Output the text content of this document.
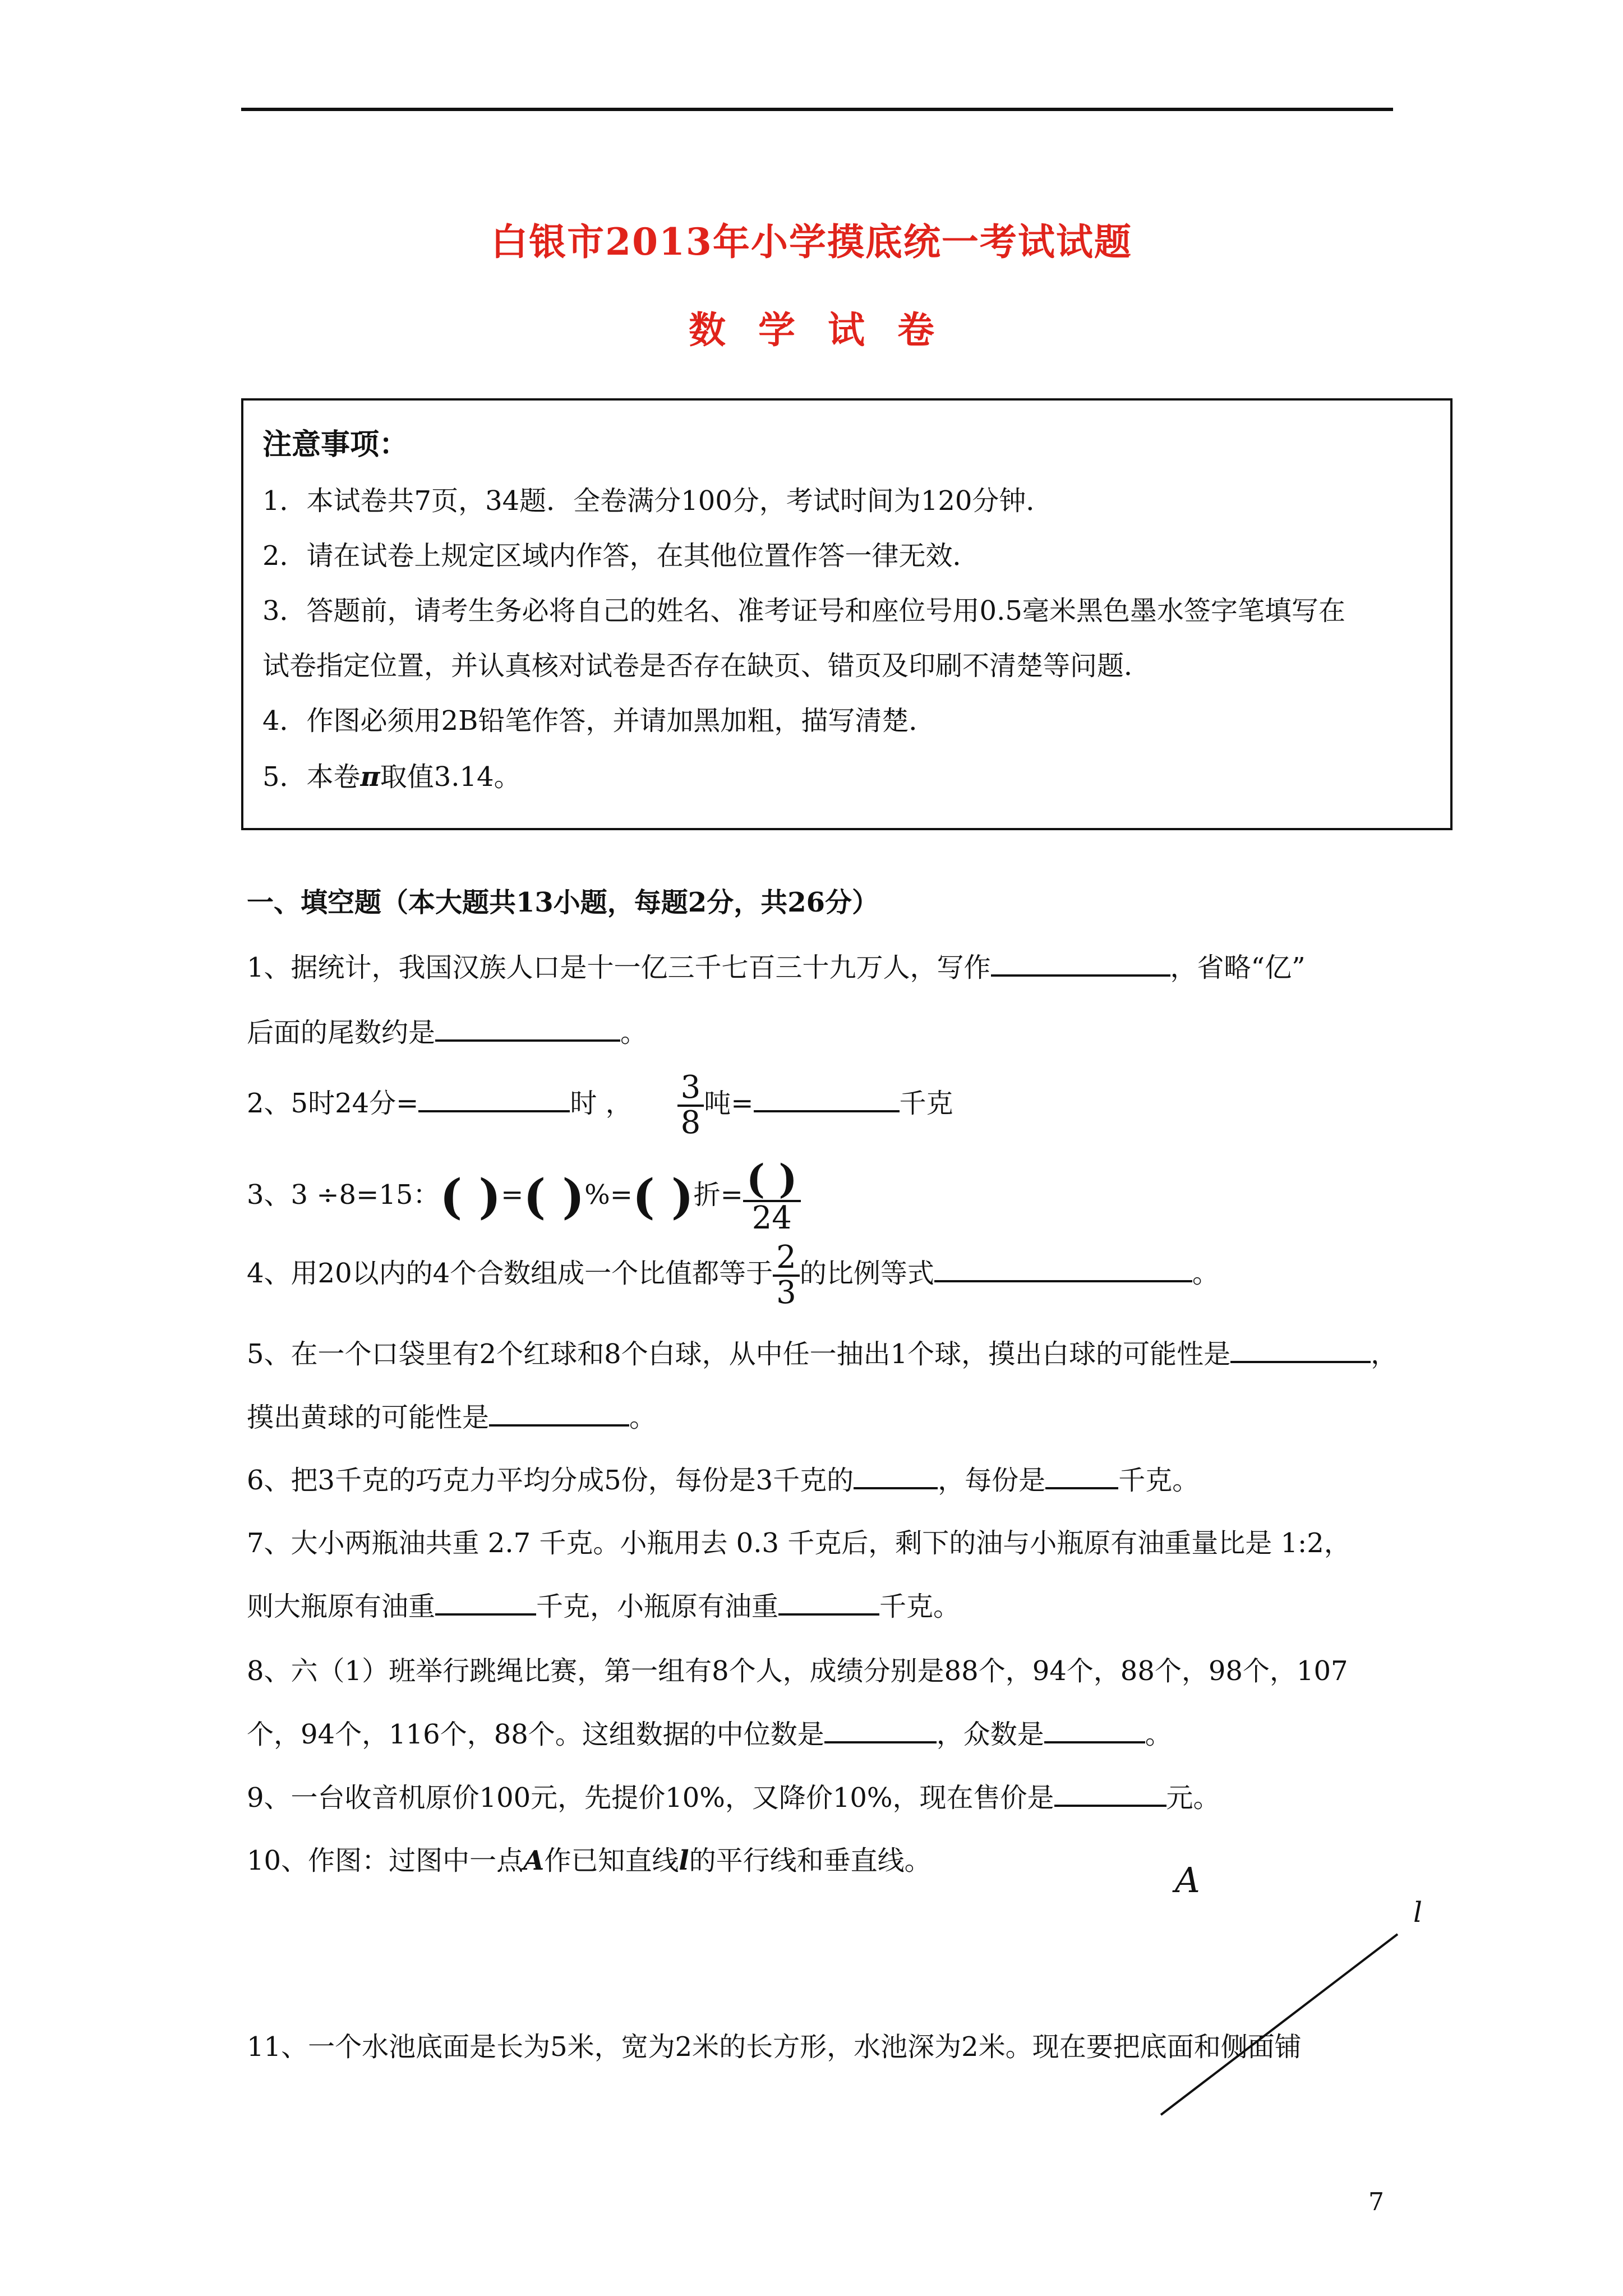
白银市2013年小学摸底统一考试试题
数学试卷
注意事项：
1．本试卷共7页，34题．全卷满分100分，考试时间为120分钟．
2．请在试卷上规定区域内作答，在其他位置作答一律无效．
3．答题前，请考生务必将自己的姓名、准考证号和座位号用0.5毫米黑色墨水签字笔填写在
试卷指定位置，并认真核对试卷是否存在缺页、错页及印刷不清楚等问题．
4．作图必须用2B铅笔作答，并请加黑加粗，描写清楚．
5．本卷π取值3.14。
一、填空题（本大题共13小题，每题2分，共26分）
1、据统计，我国汉族人口是十一亿三千七百三十九万人，写作	，省略“亿”
后面的尾数约是	。
2、5时24分=	时 ， $\frac{3}{8}$ 吨=	千克
3、3 ÷8=15：( )=( )%=( )折= $\frac{( )}{24}$
4、用20以内的4个合数组成一个比值都等于 $\frac{2}{3}$ 的比例等式	。
5、在一个口袋里有2个红球和8个白球，从中任一抽出1个球，摸出白球的可能性是	，
摸出黄球的可能性是	。
6、把3千克的巧克力平均分成5份，每份是3千克的	，每份是	千克。
7、大小两瓶油共重 2.7 千克。小瓶用去 0.3 千克后，剩下的油与小瓶原有油重量比是 1:2，
则大瓶原有油重	千克，小瓶原有油重	千克。
8、六（1）班举行跳绳比赛，第一组有8个人，成绩分别是88个，94个，88个，98个，107
个，94个，116个，88个。这组数据的中位数是	，众数是	。
9、一台收音机原价100元，先提价10%，又降价10%，现在售价是	元。
10、作图：过图中一点A作已知直线l的平行线和垂直线。	A
l
11、一个水池底面是长为5米，宽为2米的长方形，水池深为2米。现在要把底面和侧面铺
7
